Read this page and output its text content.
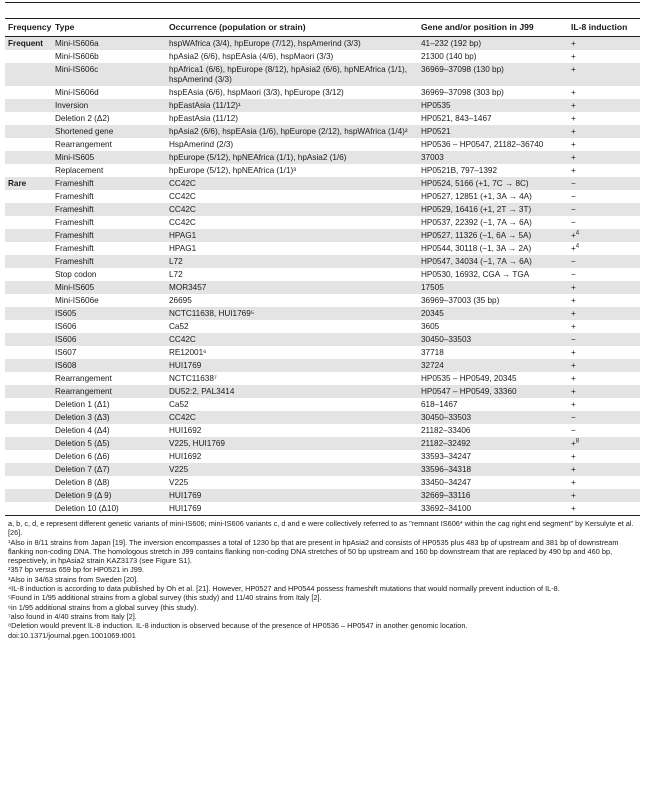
Frequency	Type	Occurrence (population or strain)	Gene and/or position in J99	IL-8 induction
Frequent	Mini-IS606a	hspWAfrica (3/4), hpEurope (7/12), hspAmerind (3/3)	41–232 (192 bp)	+
	Mini-IS606b	hpAsia2 (6/6), hspEAsia (4/6), hspMaori (3/3)	21300 (140 bp)	+
	Mini-IS606c	hpAfrica1 (6/6), hpEurope (8/12), hpAsia2 (6/6), hpNEAfrica (1/1), hspAmerind (3/3)	36969–37098 (130 bp)	+
	Mini-IS606d	hspEAsia (6/6), hspMaori (3/3), hpEurope (3/12)	36969–37098 (303 bp)	+
	Inversion	hpEastAsia (11/12)¹	HP0535	+
	Deletion 2 (Δ2)	hpEastAsia (11/12)	HP0521, 843–1467	+
	Shortened gene	hpAsia2 (6/6), hspEAsia (1/6), hpEurope (2/12), hspWAfrica (1/4)²	HP0521	+
	Rearrangement	HspAmerind (2/3)	HP0536 – HP0547, 21182–36740	+
	Mini-IS605	hpEurope (5/12), hpNEAfrica (1/1), hpAsia2 (1/6)	37003	+
	Replacement	hpEurope (5/12), hpNEAfrica (1/1)³	HP0521B, 797–1392	+
Rare	Frameshift	CC42C	HP0524, 5166 (+1, 7C → 8C)	−
	Frameshift	CC42C	HP0527, 12851 (+1, 3A → 4A)	−
	Frameshift	CC42C	HP0529, 16416 (+1, 2T → 3T)	−
	Frameshift	CC42C	HP0537, 22392 (−1, 7A → 6A)	−
	Frameshift	HPAG1	HP0527, 11326 (−1, 6A → 5A)	+$^4$
	Frameshift	HPAG1	HP0544, 30118 (−1, 3A → 2A)	+$^4$
	Frameshift	L72	HP0547, 34034 (−1, 7A → 6A)	−
	Stop codon	L72	HP0530, 16932, CGA → TGA	−
	Mini-IS605	MOR3457	17505	+
	Mini-IS606e	26695	36969–37003 (35 bp)	+
	IS605	NCTC11638, HUI1769⁵	20345	+
	IS606	Ca52	3605	+
	IS606	CC42C	30450–33503	−
	IS607	RE12001⁶	37718	+
	IS608	HUI1769	32724	+
	Rearrangement	NCTC11638⁷	HP0535 – HP0549, 20345	+
	Rearrangement	DU52:2, PAL3414	HP0547 – HP0549, 33360	+
	Deletion 1 (Δ1)	Ca52	618–1467	+
	Deletion 3 (Δ3)	CC42C	30450–33503	−
	Deletion 4 (Δ4)	HUI1692	21182–33406	−
	Deletion 5 (Δ5)	V225, HUI1769	21182–32492	+$^8$
	Deletion 6 (Δ6)	HUI1692	33593–34247	+
	Deletion 7 (Δ7)	V225	33596–34318	+
	Deletion 8 (Δ8)	V225	33450–34247	+
	Deletion 9 (Δ 9)	HUI1769	32669–33116	+
	Deletion 10 (Δ10)	HUI1769	33692–34100	+
a, b, c, d, e represent different genetic variants of mini-IS606; mini-IS606 variants c, d and e were collectively referred to as "remnant IS606* within the cag right end segment" by Kersulyte et al. [26].
¹Also in 8/11 strains from Japan [19]. The inversion encompasses a total of 1230 bp that are present in hpAsia2 and consists of HP0535 plus 483 bp of upstream and 381 bp of downstream flanking non-coding DNA. The homologous stretch in J99 contains flanking non-coding DNA stretches of 50 bp upstream and 160 bp downstream that are replaced by 490 bp and 460 bp, respectively, in hpAsia2 strain KAZ3173 (see Figure S1).
²357 bp versus 659 bp for HP0521 in J99.
³Also in 34/63 strains from Sweden [20].
⁴IL-8 induction is according to data published by Oh et al. [21]. However, HP0527 and HP0544 possess frameshift mutations that would normally prevent induction of IL-8.
⁵Found in 1/95 additional strains from a global survey (this study) and 11/40 strains from Italy [2].
⁶in 1/95 additional strains from a global survey (this study).
⁷also found in 4/40 strains from Italy [2].
⁸Deletion would prevent IL-8 induction. IL-8 induction is observed because of the presence of HP0536 – HP0547 in another genomic location.
doi:10.1371/journal.pgen.1001069.t001
